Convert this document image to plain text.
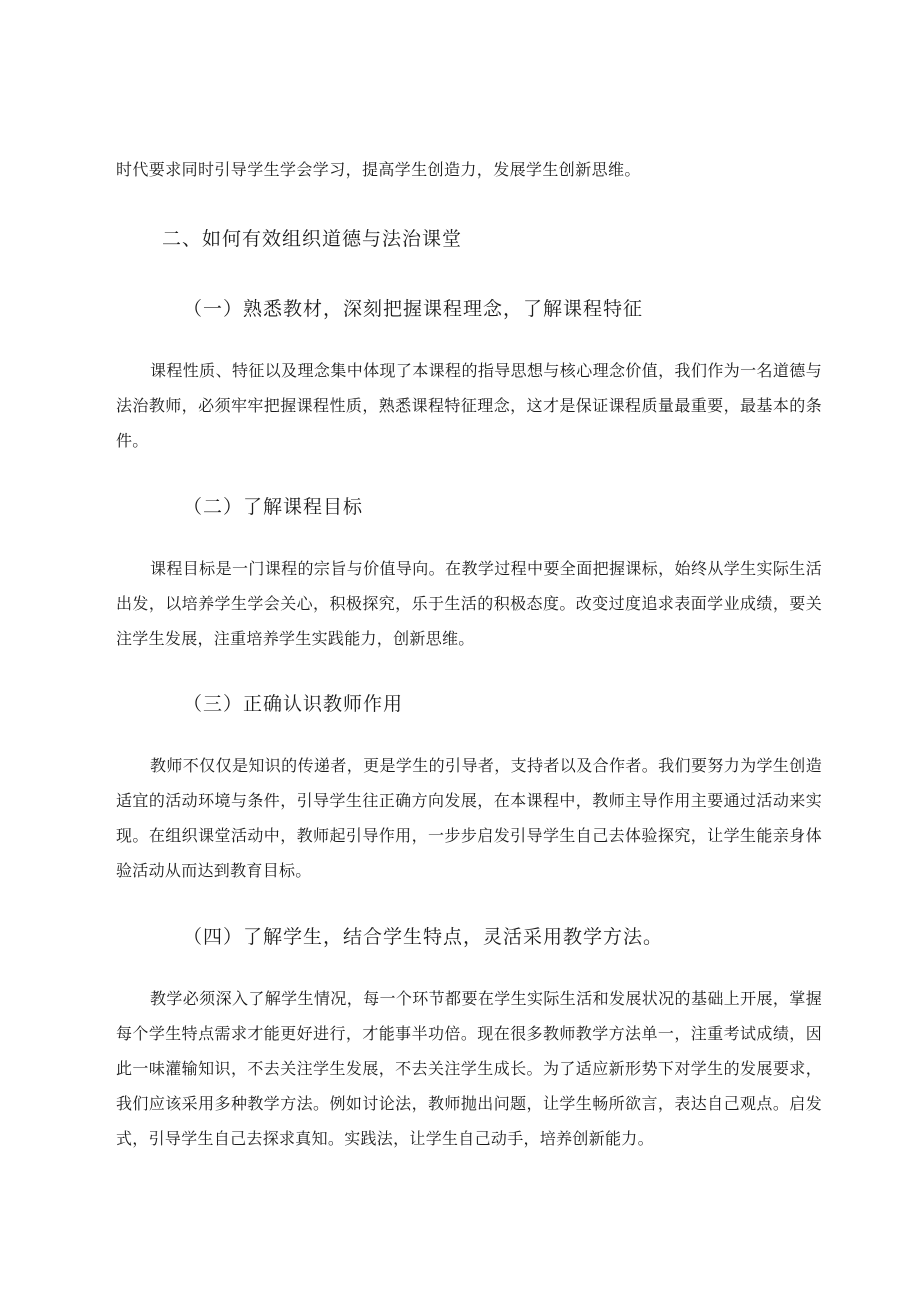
时代要求同时引导学生学会学习，提高学生创造力，发展学生创新思维。

二、如何有效组织道德与法治课堂
（一）熟悉教材，深刻把握课程理念，了解课程特征

课程性质、特征以及理念集中体现了本课程的指导思想与核心理念价值，我们作为一名道德与法治教师，必须牢牢把握课程性质，熟悉课程特征理念，这才是保证课程质量最重要，最基本的条件。

（二）了解课程目标

课程目标是一门课程的宗旨与价值导向。在教学过程中要全面把握课标，始终从学生实际生活出发，以培养学生学会关心，积极探究，乐于生活的积极态度。改变过度追求表面学业成绩，要关注学生发展，注重培养学生实践能力，创新思维。

（三）正确认识教师作用

教师不仅仅是知识的传递者，更是学生的引导者，支持者以及合作者。我们要努力为学生创造适宜的活动环境与条件，引导学生往正确方向发展，在本课程中，教师主导作用主要通过活动来实现。在组织课堂活动中，教师起引导作用，一步步启发引导学生自己去体验探究，让学生能亲身体验活动从而达到教育目标。

（四）了解学生，结合学生特点，灵活采用教学方法。

教学必须深入了解学生情况，每一个环节都要在学生实际生活和发展状况的基础上开展，掌握每个学生特点需求才能更好进行，才能事半功倍。现在很多教师教学方法单一，注重考试成绩，因此一味灌输知识，不去关注学生发展，不去关注学生成长。为了适应新形势下对学生的发展要求，我们应该采用多种教学方法。例如讨论法，教师抛出问题，让学生畅所欲言，表达自己观点。启发式，引导学生自己去探求真知。实践法，让学生自己动手，培养创新能力。
